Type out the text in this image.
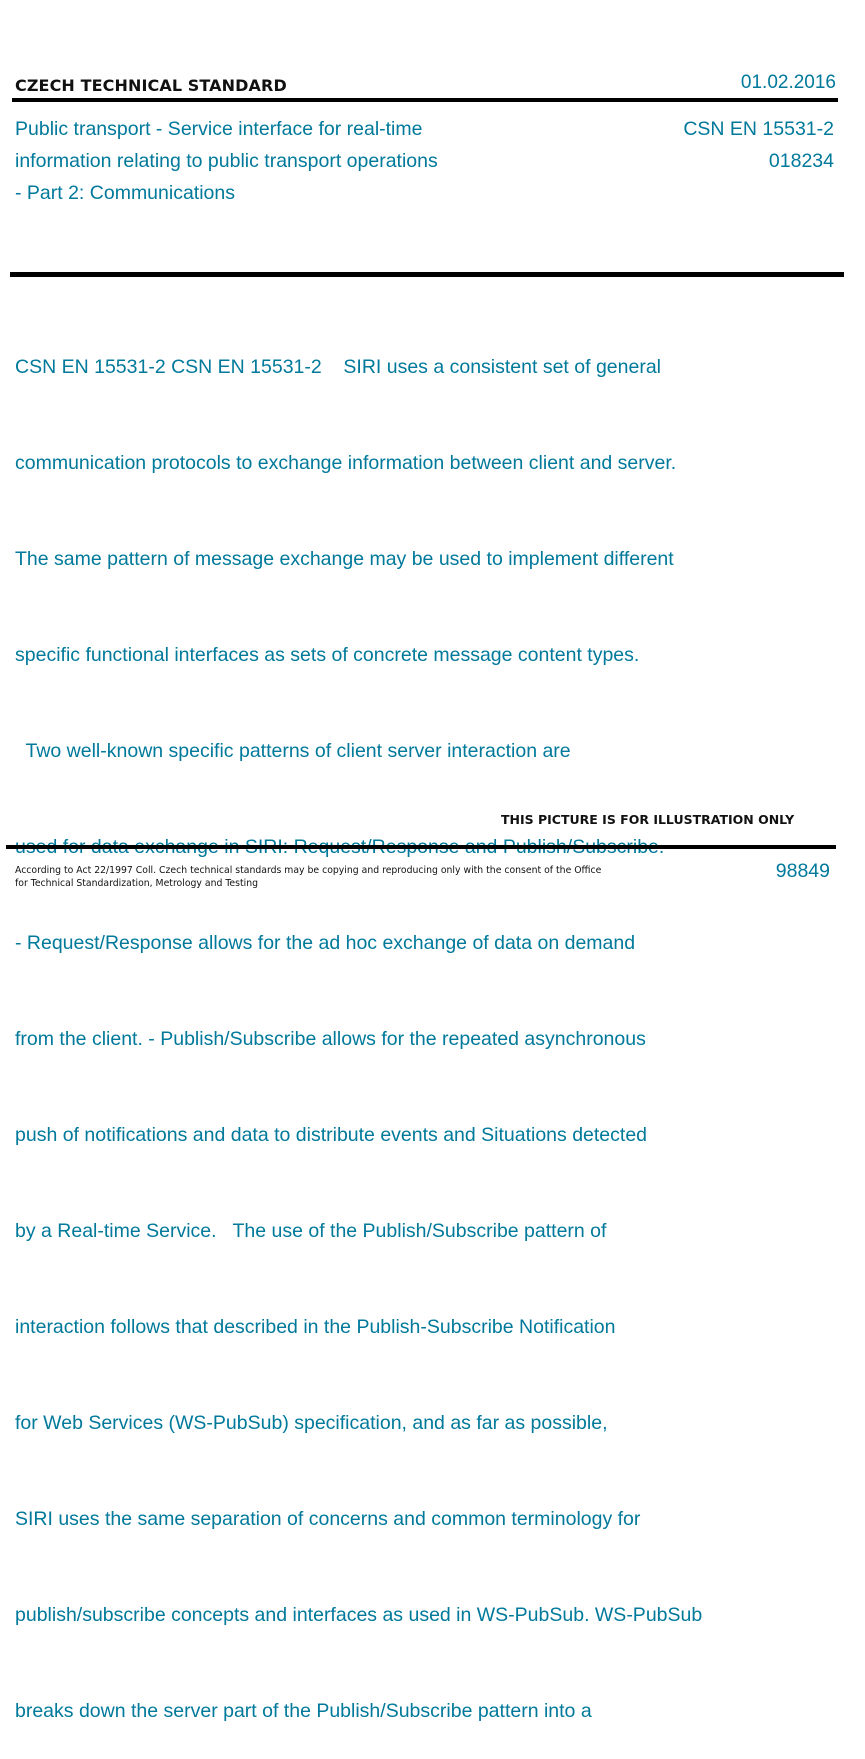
CZECH TECHNICAL STANDARD	01.02.2016
Public transport - Service interface for real-time
information relating to public transport operations
- Part 2: Communications
CSN EN 15531-2
018234

CSN EN 15531-2 CSN EN 15531-2    SIRI uses a consistent set of general

communication protocols to exchange information between client and server.

The same pattern of message exchange may be used to implement different

specific functional interfaces as sets of concrete message content types.

Two well-known specific patterns of client server interaction are

- Request/Response allows for the ad hoc exchange of data on demand

from the client. - Publish/Subscribe allows for the repeated asynchronous

push of notifications and data to distribute events and Situations detected

by a Real-time Service.   The use of the Publish/Subscribe pattern of

interaction follows that described in the Publish-Subscribe Notification

for Web Services (WS-PubSub) specification, and as far as possible,

SIRI uses the same separation of concerns and common terminology for

publish/subscribe concepts and interfaces as used in WS-PubSub. WS-PubSub

breaks down the server part of the Publish/Subscribe pattern into a

THIS PICTURE IS FOR ILLUSTRATION ONLY
According to Act 22/1997 Coll. Czech technical standards may be copying and reproducing only with the consent of the Office
for Technical Standardization, Metrology and Testing
98849
